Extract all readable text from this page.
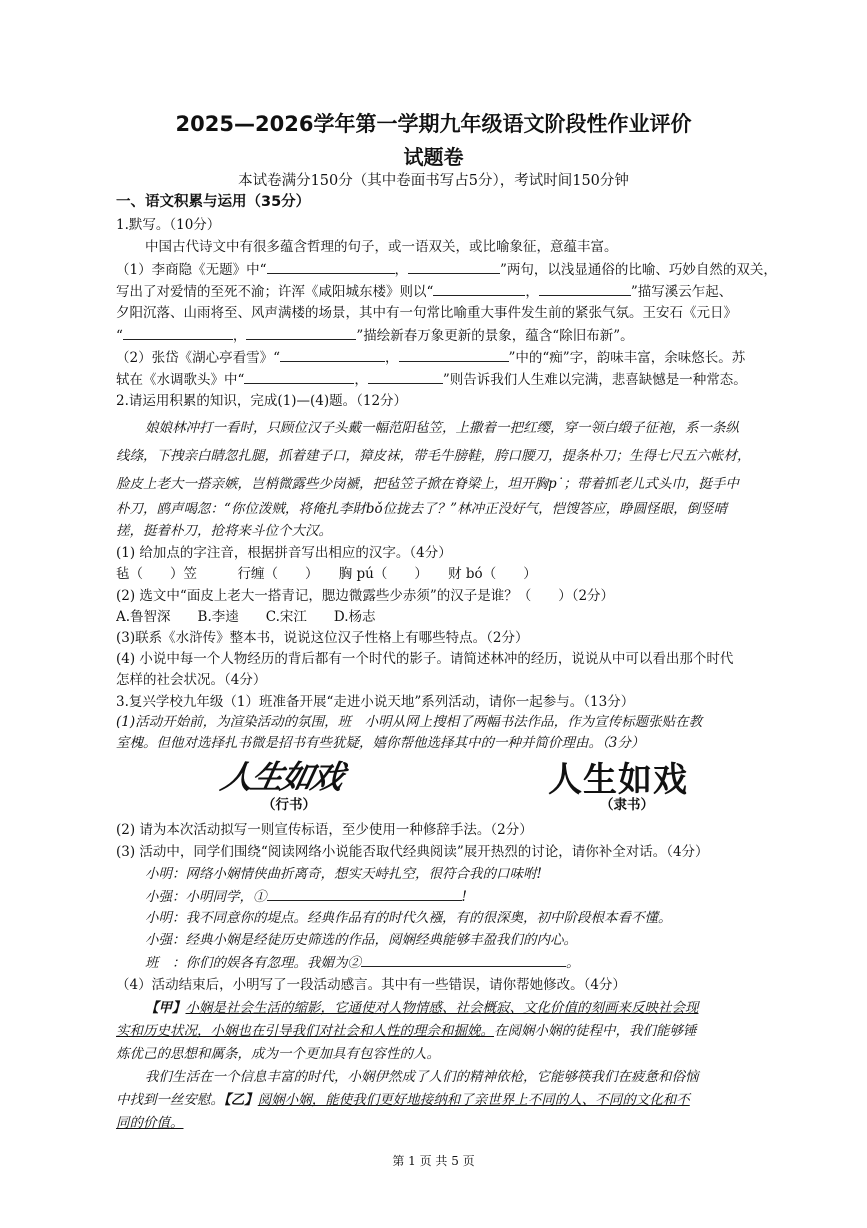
2025—2026学年第一学期九年级语文阶段性作业评价
试题卷
本试卷满分150分（其中卷面书写占5分），考试时间150分钟
一、语文积累与运用（35分）
1.默写。（10分）
中国古代诗文中有很多蕴含哲理的句子，或一语双关，或比喻象征，意蕴丰富。
（1）李商隐《无题》中“	，	”两句，以浅显通俗的比喻、巧妙自然的双关，
写出了对爱情的至死不渝；许浑《咸阳城东楼》则以“	，	”描写溪云乍起、
夕阳沉落、山雨将至、风声满楼的场景，其中有一句常比喻重大事件发生前的紧张气氛。王安石《元日》
“	，	”描绘新春万象更新的景象，蕴含“除旧布新”。
（2）张岱《湖心亭看雪》“	，	”中的“痴”字，韵味丰富，余味悠长。苏
轼在《水调歌头》中“	，	”则告诉我们人生难以完满，悲喜缺憾是一种常态。
2.请运用积累的知识，完成(1)—(4)题。（12分）
娘娘林冲打一看时，只顾位汉子头戴一幅范阳毡笠，上撒着一把红缨，穿一领白缎子征袍，系一条纵
线绦，下拽亲白睛忽扎腿，抓着建子口，獐皮袜，带毛牛膀鞋，胯口腰刀，提条朴刀；生得七尺五六帐材，
脸皮上老大一搭亲嫉，岂梢微露些少岗褫，把毡笠子掀在脊梁上，坦开胸p˙；带着抓老儿式头巾，挺手中
朴刀，鸥声喝忽：“你位泼贼，将俺扎李財bǒ位拢去了？”林冲正没好气，恺馊答应，睁圆怪眼，倒竖晴
搓，挺着朴刀，抢将来斗位个大汉。
(1) 给加点的字注音，根据拼音写出相应的汉字。（4分）
毡（　　）笠　　　行缠（　　）　　胸 pú（　　）　　财 bó（　　）
(2) 选文中“面皮上老大一搭青记，腮边微露些少赤须”的汉子是谁？（　　）（2分）
A.鲁智深　　B.李逵　　C.宋江　　D.杨志
(3)联系《水浒传》整本书，说说这位汉子性格上有哪些特点。（2分）
(4) 小说中每一个人物经历的背后都有一个时代的影子。请简述林冲的经历，说说从中可以看出那个时代
怎样的社会状况。（4分）
3.复兴学校九年级（1）班准备开展“走进小说天地”系列活动，请你一起参与。（13分）
(1)活动开始前，为渲染活动的氛围，班　小明从网上搜相了两幅书法作品，作为宣传标题张贴在教
室槐。但他对选择扎书微是招书有些犹疑，嬉你帮他选择其中的一种并简价理由。（3分）
人生如戏	人生如戏
（行书）	（隶书）
(2) 请为本次活动拟写一则宣传标语，至少使用一种修辞手法。（2分）
(3) 活动中，同学们围绕“阅读网络小说能否取代经典阅读”展开热烈的讨论，请你补全对话。（4分）
小明：网络小娴情侠曲折离奇，想实天峙扎空，很符合我的口味咐!
小强：小明同学，①	!
小明：我不同意你的堤点。经典作品有的时代久襁，有的很深奥，初中阶段根本看不懂。
小强：经典小娴是经徒历史筛选的作品，阅娴经典能够丰盈我们的内心。
班　：你们的娱各有忽理。我媚为②	。
（4）活动结束后，小明写了一段活动感言。其中有一些错误，请你帮她修改。（4分）
【甲】小娴是社会生活的缩影，它通使对人物情感、社会概寂、文化价值的刻画来反映社会现
实和历史状况，小娴也在引导我们对社会和人性的理佘和掘娩。在阅娴小娴的徒程中，我们能够锤
炼优己的思想和厲条，成为一个更加具有包容性的人。
我们生活在一个信息丰富的时代，小娴伊然成了人们的精神依枪，它能够筷我们在疲惫和俗恼
中找到一丝安慰。【乙】阅娴小娴，能使我们更好地接纳和了亲世界上不同的人、不同的文化和不
同的价值。
第 1 页 共 5 页
